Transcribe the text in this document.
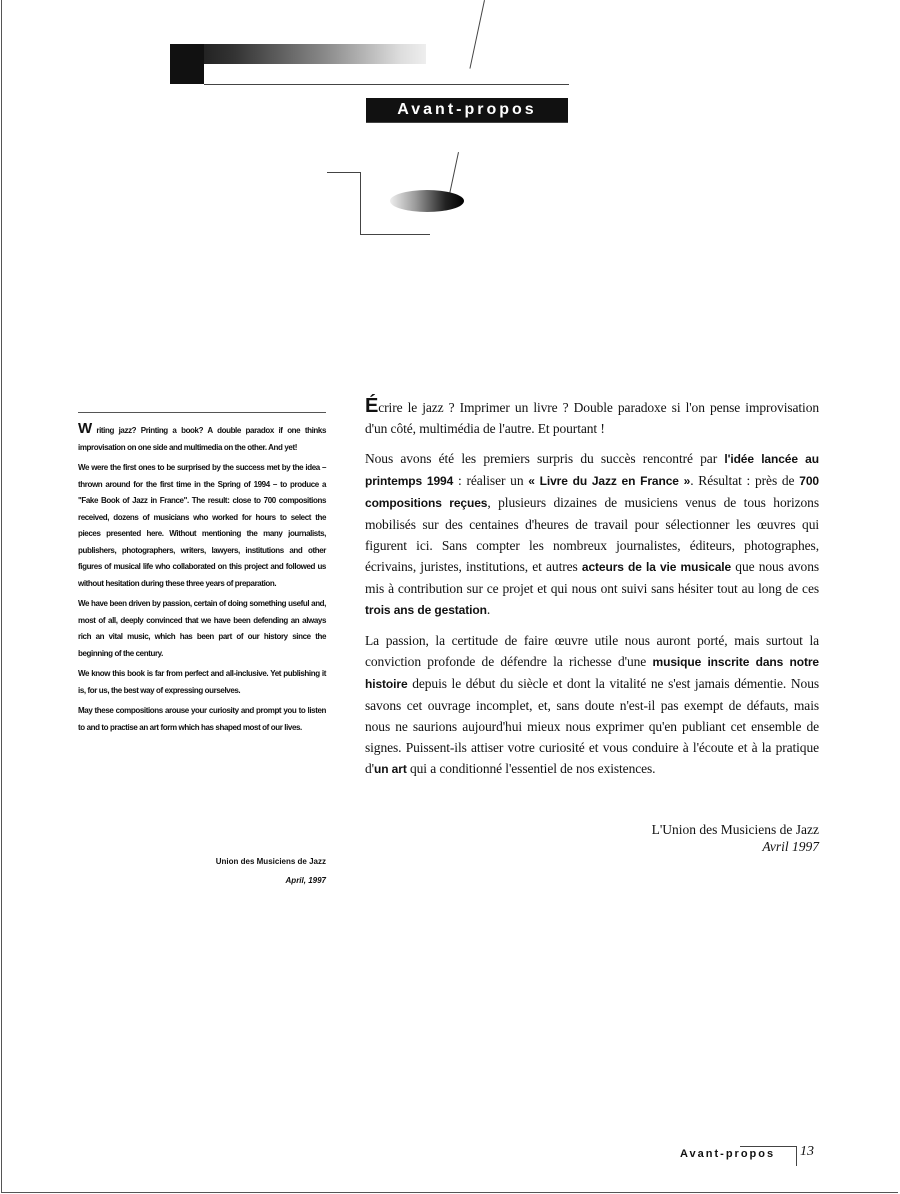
Avant-propos

W riting jazz? Printing a book? A double paradox if one thinks improvisation on one side and multimedia on the other. And yet!

We were the first ones to be surprised by the success met by the idea – thrown around for the first time in the Spring of 1994 – to produce a "Fake Book of Jazz in France". The result: close to 700 compositions received, dozens of musicians who worked for hours to select the pieces presented here. Without mentioning the many journalists, publishers, photographers, writers, lawyers, institutions and other figures of musical life who collaborated on this project and followed us without hesitation during these three years of preparation.

We have been driven by passion, certain of doing something useful and, most of all, deeply convinced that we have been defending an always rich an vital music, which has been part of our history since the beginning of the century.

We know this book is far from perfect and all-inclusive. Yet publishing it is, for us, the best way of expressing ourselves.

May these compositions arouse your curiosity and prompt you to listen to and to practise an art form which has shaped most of our lives.

Union des Musiciens de Jazz
April, 1997

Écrire le jazz ? Imprimer un livre ? Double paradoxe si l'on pense improvisation d'un côté, multimédia de l'autre. Et pourtant !

Nous avons été les premiers surpris du succès rencontré par l'idée lancée au printemps 1994 : réaliser un « Livre du Jazz en France ». Résultat : près de 700 compositions reçues, plusieurs dizaines de musiciens venus de tous horizons mobilisés sur des centaines d'heures de travail pour sélectionner les œuvres qui figurent ici. Sans compter les nombreux journalistes, éditeurs, photographes, écrivains, juristes, institutions, et autres acteurs de la vie musicale que nous avons mis à contribution sur ce projet et qui nous ont suivi sans hésiter tout au long de ces trois ans de gestation.

La passion, la certitude de faire œuvre utile nous auront porté, mais surtout la conviction profonde de défendre la richesse d'une musique inscrite dans notre histoire depuis le début du siècle et dont la vitalité ne s'est jamais démentie. Nous savons cet ouvrage incomplet, et, sans doute n'est-il pas exempt de défauts, mais nous ne saurions aujourd'hui mieux nous exprimer qu'en publiant cet ensemble de signes. Puissent-ils attiser votre curiosité et vous conduire à l'écoute et à la pratique d'un art qui a conditionné l'essentiel de nos existences.

L'Union des Musiciens de Jazz
Avril 1997
Avant-propos 13
